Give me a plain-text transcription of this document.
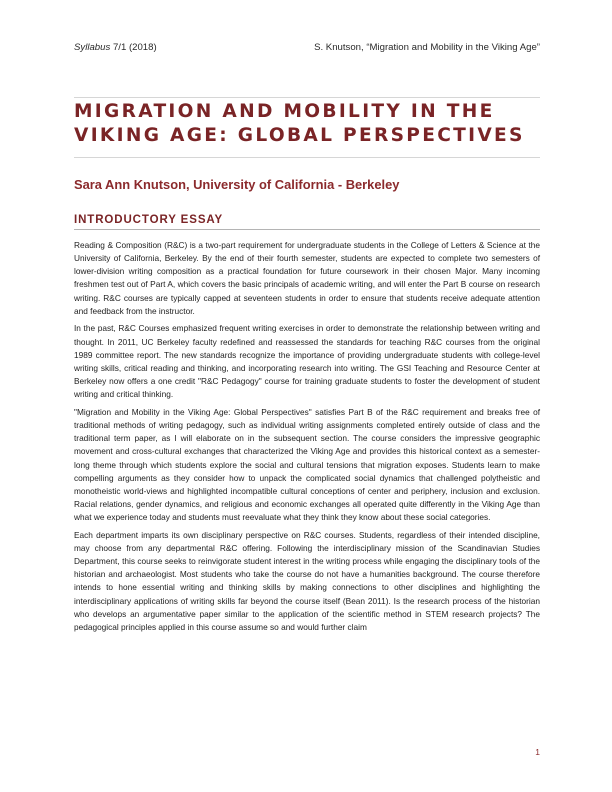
Syllabus 7/1 (2018)	S. Knutson, “Migration and Mobility in the Viking Age”
MIGRATION AND MOBILITY IN THE VIKING AGE: GLOBAL PERSPECTIVES
Sara Ann Knutson, University of California - Berkeley
INTRODUCTORY ESSAY

Reading & Composition (R&C) is a two-part requirement for undergraduate students in the College of Letters & Science at the University of California, Berkeley. By the end of their fourth semester, students are expected to complete two semesters of lower-division writing composition as a practical foundation for future coursework in their chosen Major. Many incoming freshmen test out of Part A, which covers the basic principals of academic writing, and will enter the Part B course on research writing. R&C courses are typically capped at seventeen students in order to ensure that students receive adequate attention and feedback from the instructor.

In the past, R&C Courses emphasized frequent writing exercises in order to demonstrate the relationship between writing and thought. In 2011, UC Berkeley faculty redefined and reassessed the standards for teaching R&C courses from the original 1989 committee report. The new standards recognize the importance of providing undergraduate students with college-level writing skills, critical reading and thinking, and incorporating research into writing. The GSI Teaching and Resource Center at Berkeley now offers a one credit "R&C Pedagogy" course for training graduate students to foster the development of student writing and critical thinking.

"Migration and Mobility in the Viking Age: Global Perspectives" satisfies Part B of the R&C requirement and breaks free of traditional methods of writing pedagogy, such as individual writing assignments completed entirely outside of class and the traditional term paper, as I will elaborate on in the subsequent section. The course considers the impressive geographic movement and cross-cultural exchanges that characterized the Viking Age and provides this historical context as a semester-long theme through which students explore the social and cultural tensions that migration exposes. Students learn to make compelling arguments as they consider how to unpack the complicated social dynamics that challenged polytheistic and monotheistic world-views and highlighted incompatible cultural conceptions of center and periphery, inclusion and exclusion. Racial relations, gender dynamics, and religious and economic exchanges all operated quite differently in the Viking Age than what we experience today and students must reevaluate what they think they know about these social categories.

Each department imparts its own disciplinary perspective on R&C courses. Students, regardless of their intended discipline, may choose from any departmental R&C offering. Following the interdisciplinary mission of the Scandinavian Studies Department, this course seeks to reinvigorate student interest in the writing process while engaging the disciplinary tools of the historian and archaeologist. Most students who take the course do not have a humanities background. The course therefore intends to hone essential writing and thinking skills by making connections to other disciplines and highlighting the interdisciplinary applications of writing skills far beyond the course itself (Bean 2011). Is the research process of the historian who develops an argumentative paper similar to the application of the scientific method in STEM research projects? The pedagogical principles applied in this course assume so and would further claim

1
